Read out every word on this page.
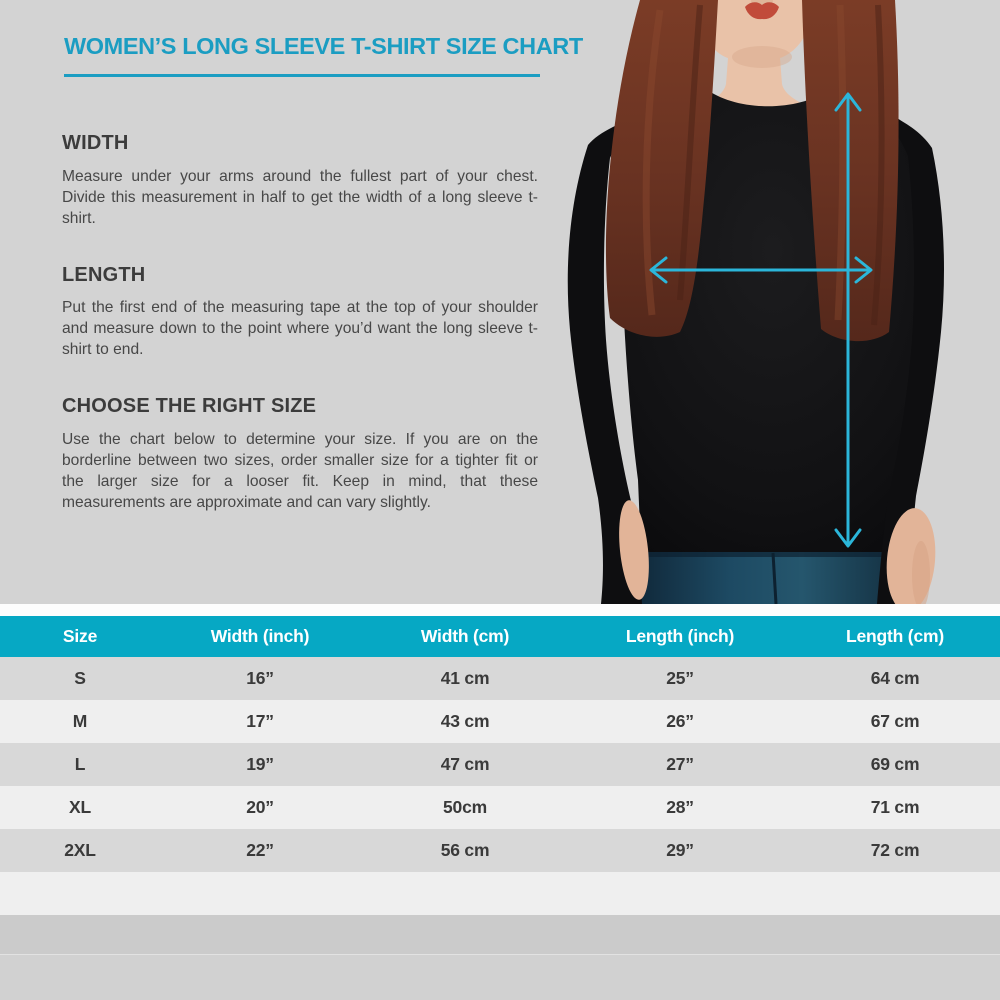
WOMEN’S LONG SLEEVE T-SHIRT SIZE CHART
WIDTH
Measure under your arms around the fullest part of your chest. Divide this measurement in half to get the width of a long sleeve t-shirt.
LENGTH
Put the first end of the measuring tape at the top of your shoulder and measure down to the point where you’d want the long sleeve t-shirt to end.
CHOOSE THE RIGHT SIZE
Use the chart below to determine your size. If you are on the borderline between two sizes, order smaller size for a tighter fit or the larger size for a looser fit. Keep in mind, that these measurements are approximate and can vary slightly.
Size	Width (inch)	Width (cm)	Length (inch)	Length (cm)
S	16”	41 cm	25”	64 cm
M	17”	43 cm	26”	67 cm
L	19”	47 cm	27”	69 cm
XL	20”	50cm	28”	71 cm
2XL	22”	56 cm	29”	72 cm
